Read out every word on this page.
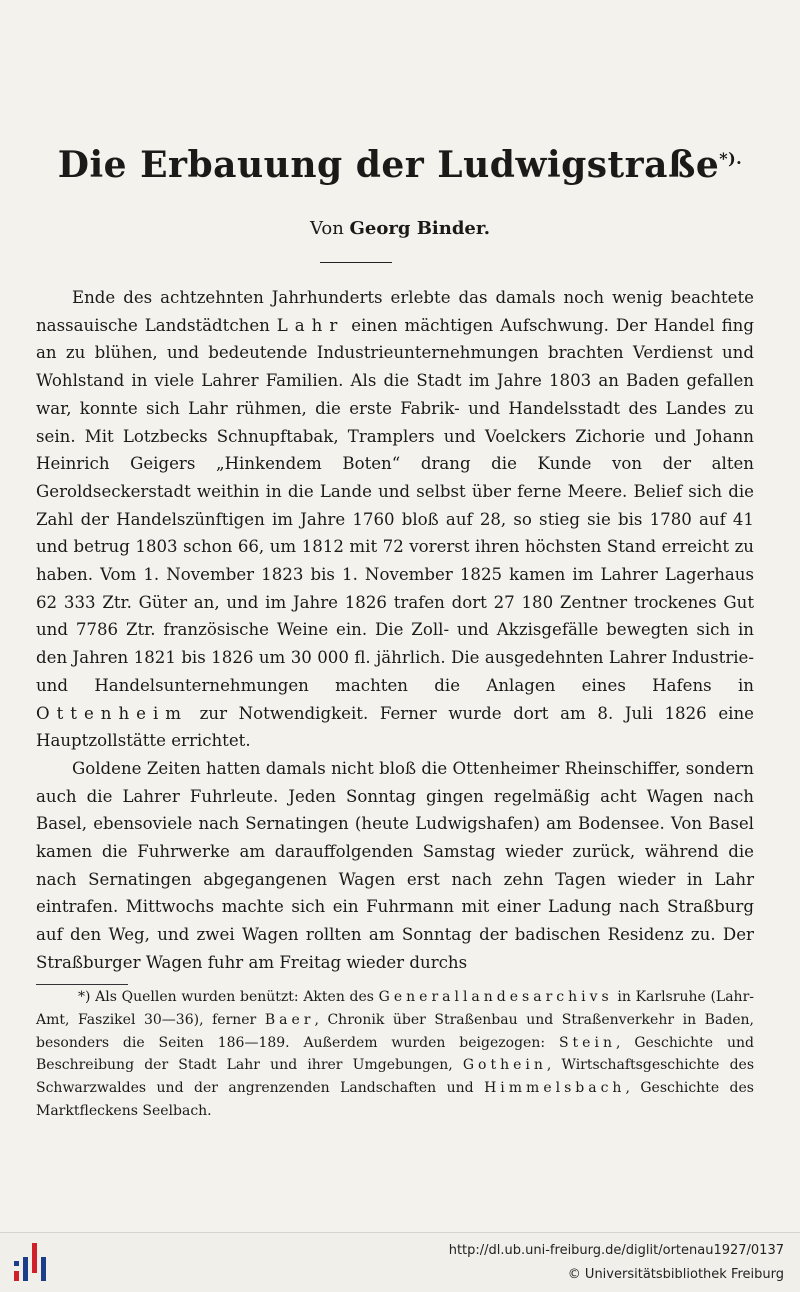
Die Erbauung der Ludwigstraße*).
Von Georg Binder.

Ende des achtzehnten Jahrhunderts erlebte das damals noch wenig beachtete nassauische Landstädtchen Lahr einen mächtigen Aufschwung. Der Handel fing an zu blühen, und bedeutende Industrieunternehmungen brachten Verdienst und Wohlstand in viele Lahrer Familien. Als die Stadt im Jahre 1803 an Baden gefallen war, konnte sich Lahr rühmen, die erste Fabrik- und Handelsstadt des Landes zu sein. Mit Lotzbecks Schnupftabak, Tramplers und Voelckers Zichorie und Johann Heinrich Geigers „Hinkendem Boten“ drang die Kunde von der alten Geroldseckerstadt weithin in die Lande und selbst über ferne Meere. Belief sich die Zahl der Handelszünftigen im Jahre 1760 bloß auf 28, so stieg sie bis 1780 auf 41 und betrug 1803 schon 66, um 1812 mit 72 vorerst ihren höchsten Stand erreicht zu haben. Vom 1. November 1823 bis 1. November 1825 kamen im Lahrer Lagerhaus 62 333 Ztr. Güter an, und im Jahre 1826 trafen dort 27 180 Zentner trockenes Gut und 7786 Ztr. französische Weine ein. Die Zoll- und Akzisgefälle bewegten sich in den Jahren 1821 bis 1826 um 30 000 fl. jährlich. Die ausgedehnten Lahrer Industrie- und Handelsunternehmungen machten die Anlagen eines Hafens in Ottenheim zur Notwendigkeit. Ferner wurde dort am 8. Juli 1826 eine Hauptzollstätte errichtet.

Goldene Zeiten hatten damals nicht bloß die Ottenheimer Rheinschiffer, sondern auch die Lahrer Fuhrleute. Jeden Sonntag gingen regelmäßig acht Wagen nach Basel, ebensoviele nach Sernatingen (heute Ludwigshafen) am Bodensee. Von Basel kamen die Fuhrwerke am darauffolgenden Samstag wieder zurück, während die nach Sernatingen abgegangenen Wagen erst nach zehn Tagen wieder in Lahr eintrafen. Mittwochs machte sich ein Fuhrmann mit einer Ladung nach Straßburg auf den Weg, und zwei Wagen rollten am Sonntag der badischen Residenz zu. Der Straßburger Wagen fuhr am Freitag wieder durchs

*) Als Quellen wurden benützt: Akten des Generallandesarchivs in Karlsruhe (Lahr-Amt, Faszikel 30—36), ferner Baer, Chronik über Straßenbau und Straßenverkehr in Baden, besonders die Seiten 186—189. Außerdem wurden beigezogen: Stein, Geschichte und Beschreibung der Stadt Lahr und ihrer Umgebungen, Gothein, Wirtschaftsgeschichte des Schwarzwaldes und der angrenzenden Landschaften und Himmelsbach, Geschichte des Marktfleckens Seelbach.

http://dl.ub.uni-freiburg.de/diglit/ortenau1927/0137
© Universitätsbibliothek Freiburg
